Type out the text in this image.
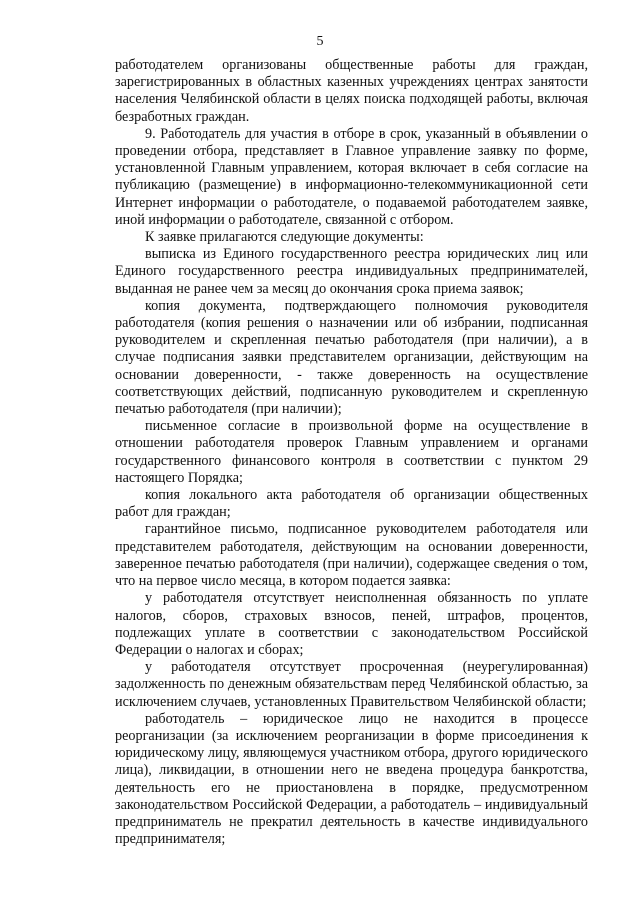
5

работодателем организованы общественные работы для граждан, зарегистрированных в областных казенных учреждениях центрах занятости населения Челябинской области в целях поиска подходящей работы, включая безработных граждан.

9. Работодатель для участия в отборе в срок, указанный в объявлении о проведении отбора, представляет в Главное управление заявку по форме, установленной Главным управлением, которая включает в себя согласие на публикацию (размещение) в информационно-телекоммуникационной сети Интернет информации о работодателе, о подаваемой работодателем заявке, иной информации о работодателе, связанной с отбором.

К заявке прилагаются следующие документы:

выписка из Единого государственного реестра юридических лиц или Единого государственного реестра индивидуальных предпринимателей, выданная не ранее чем за месяц до окончания срока приема заявок;

копия документа, подтверждающего полномочия руководителя работодателя (копия решения о назначении или об избрании, подписанная руководителем и скрепленная печатью работодателя (при наличии), а в случае подписания заявки представителем организации, действующим на основании доверенности, - также доверенность на осуществление соответствующих действий, подписанную руководителем и скрепленную печатью работодателя (при наличии);

письменное согласие в произвольной форме на осуществление в отношении работодателя проверок Главным управлением и органами государственного финансового контроля в соответствии с пунктом 29 настоящего Порядка;

копия локального акта работодателя об организации общественных работ для граждан;

гарантийное письмо, подписанное руководителем работодателя или представителем работодателя, действующим на основании доверенности, заверенное печатью работодателя (при наличии), содержащее сведения о том, что на первое число месяца, в котором подается заявка:

у работодателя отсутствует неисполненная обязанность по уплате налогов, сборов, страховых взносов, пеней, штрафов, процентов, подлежащих уплате в соответствии с законодательством Российской Федерации о налогах и сборах;

у работодателя отсутствует просроченная (неурегулированная) задолженность по денежным обязательствам перед Челябинской областью, за исключением случаев, установленных Правительством Челябинской области;

работодатель – юридическое лицо не находится в процессе реорганизации (за исключением реорганизации в форме присоединения к юридическому лицу, являющемуся участником отбора, другого юридического лица), ликвидации, в отношении него не введена процедура банкротства, деятельность его не приостановлена в порядке, предусмотренном законодательством Российской Федерации, а работодатель – индивидуальный предприниматель не прекратил деятельность в качестве индивидуального предпринимателя;
